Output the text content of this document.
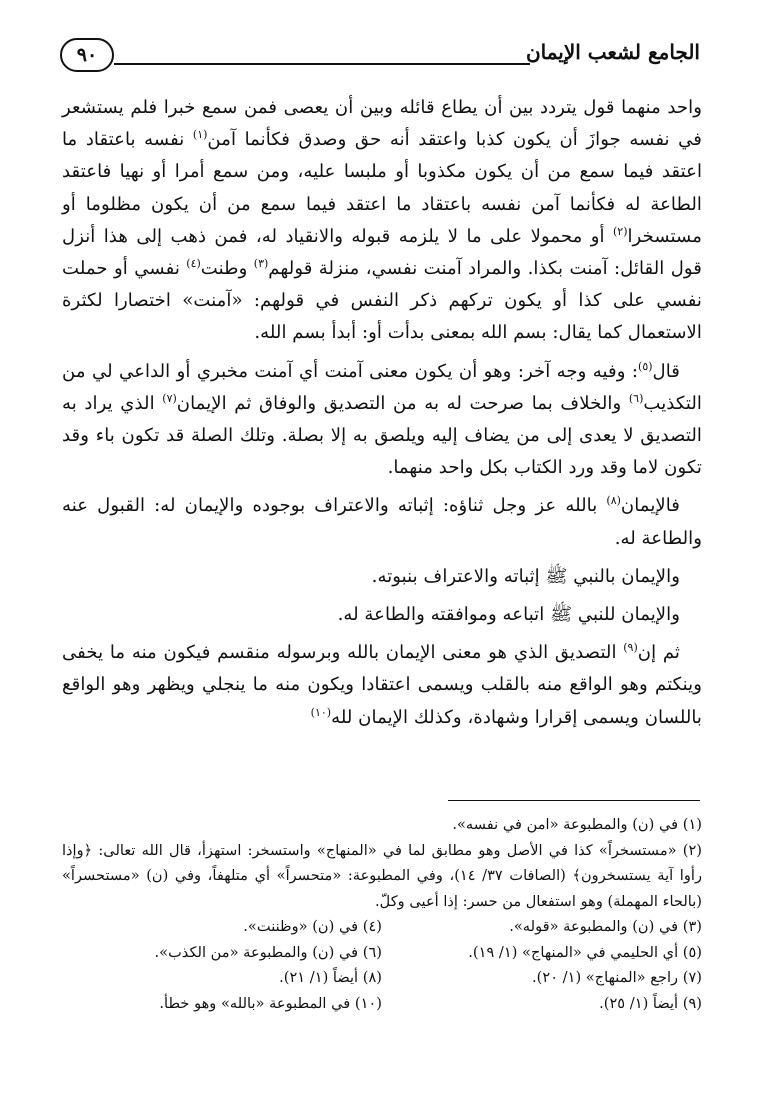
٩٠	الجامع لشعب الإيمان

واحد منهما قول يتردد بين أن يطاع قائله وبين أن يعصى فمن سمع خبرا فلم يستشعر في نفسه جوازَ أن يكون كذبا واعتقد أنه حق وصدق فكأنما آمن$^{(١)}$ نفسه باعتقاد ما اعتقد فيما سمع من أن يكون مكذوبا أو ملبسا عليه، ومن سمع أمرا أو نهيا فاعتقد الطاعة له فكأنما آمن نفسه باعتقاد ما اعتقد فيما سمع من أن يكون مظلوما أو مستسخرا$^{(٢)}$ أو محمولا على ما لا يلزمه قبوله والانقياد له، فمن ذهب إلى هذا أنزل قول القائل: آمنت بكذا. والمراد آمنت نفسي، منزلة قولهم$^{(٣)}$ وطنت$^{(٤)}$ نفسي أو حملت نفسي على كذا أو يكون تركهم ذكر النفس في قولهم: «آمنت» اختصارا لكثرة الاستعمال كما يقال: بسم الله بمعنى بدأت أو: أبدأ بسم الله.

قال$^{(٥)}$: وفيه وجه آخر: وهو أن يكون معنى آمنت أي آمنت مخبري أو الداعي لي من التكذيب$^{(٦)}$ والخلاف بما صرحت له به من التصديق والوفاق ثم الإيمان$^{(٧)}$ الذي يراد به التصديق لا يعدى إلى من يضاف إليه ويلصق به إلا بصلة. وتلك الصلة قد تكون باء وقد تكون لاما وقد ورد الكتاب بكل واحد منهما.

فالإيمان$^{(٨)}$ بالله عز وجل ثناؤه: إثباته والاعتراف بوجوده والإيمان له: القبول عنه والطاعة له.

والإيمان بالنبي ﷺ إثباته والاعتراف بنبوته.

والإيمان للنبي ﷺ اتباعه وموافقته والطاعة له.

ثم إن$^{(٩)}$ التصديق الذي هو معنى الإيمان بالله وبرسوله منقسم فيكون منه ما يخفى وينكتم وهو الواقع منه بالقلب ويسمى اعتقادا ويكون منه ما ينجلي ويظهر وهو الواقع باللسان ويسمى إقرارا وشهادة، وكذلك الإيمان لله$^{(١٠)}$

(١) في (ن) والمطبوعة «امن في نفسه».

(٢) «مستسخراً» كذا في الأصل وهو مطابق لما في «المنهاج» واستسخر: استهزأ، قال الله تعالى: ﴿وإذا رأوا آية يستسخرون﴾ (الصافات ٣٧/ ١٤)، وفي المطبوعة: «متحسراً» أي متلهفاً، وفي (ن) «مستحسراً» (بالحاء المهملة) وهو استفعال من حسر: إذا أعيى وكلّ.

(٣) في (ن) والمطبوعة «قوله».

(٤) في (ن) «وظننت».

(٥) أي الحليمي في «المنهاج» (١/ ١٩).

(٦) في (ن) والمطبوعة «من الكذب».

(٧) راجع «المنهاج» (١/ ٢٠).

(٨) أيضاً (١/ ٢١).

(٩) أيضاً (١/ ٢٥).

(١٠) في المطبوعة «بالله» وهو خطأ.
